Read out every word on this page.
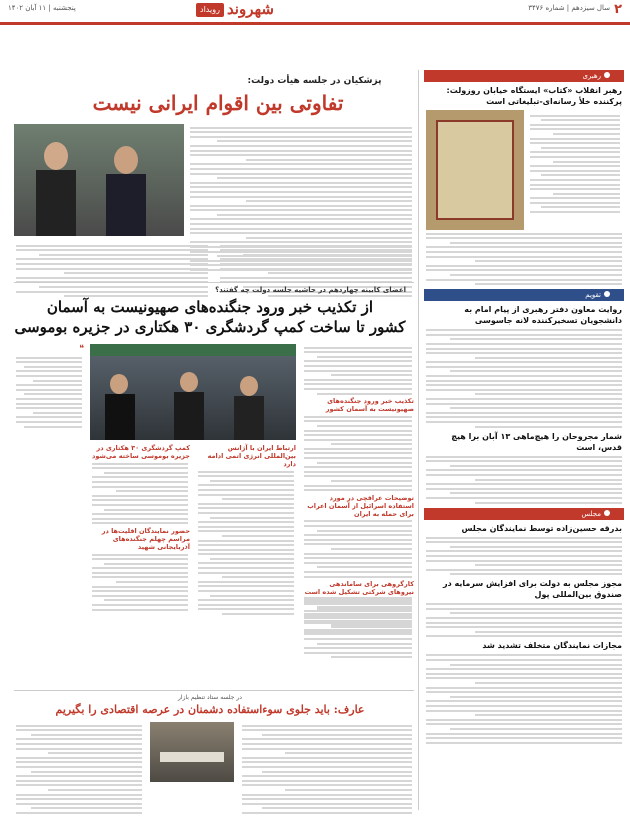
۲
سال سیزدهم | شماره ۳۴۷۶
شهروند
رویداد
پنجشنبه | ۱۱ آبان ۱۴۰۲
رهبری
رهبر انقلاب «کتاب» ایستگاه خیابان روزولت: پرکننده خلأ رسانه‌ای-تبلیغاتی است
تقویم
روایت معاون دفتر رهبری از پیام امام به دانشجویان تسخیرکننده لانه جاسوسی
شمار مجروحان را هیچ‌ماهی ۱۳ آبان برا هیچ قدس، است
مجلس
بدرقه حسین‌زاده توسط نمایندگان مجلس
مجوز مجلس به دولت برای افزایش سرمایه در صندوق بین‌المللی پول
مجازات نمایندگان متخلف تشدید شد
پزشکیان در جلسه هیأت دولت:
تفاوتی بین اقوام ایرانی نیست
اعضای کابینه چهاردهم در حاشیه جلسه دولت چه گفتند؟
از تکذیب خبر ورود جنگنده‌های صهیونیست به آسمان
کشور تا ساخت کمپ گردشگری ۳۰ هکتاری در جزیره بوموسی
تکذیب خبر ورود جنگنده‌های صهیونیست به آسمان کشور
توضیحات عراقچی در مورد استفاده اسرائیل از آسمان اعراب برای حمله به ایران
کارگروهی برای ساماندهی نیروهای شرکتی تشکیل شده است
❝
ارتباط ایران با آژانس بین‌المللی انرژی اتمی ادامه دارد
کمپ گردشگری ۳۰ هکتاری در جزیره بوموسی ساخته می‌شود
حضور نمایندگان اقلیت‌ها در مراسم چهلم جنگنده‌های آذربایجانی شهید
در جلسه ستاد تنظیم بازار
عارف: باید جلوی سوءاستفاده دشمنان در عرصه اقتصادی را بگیریم
